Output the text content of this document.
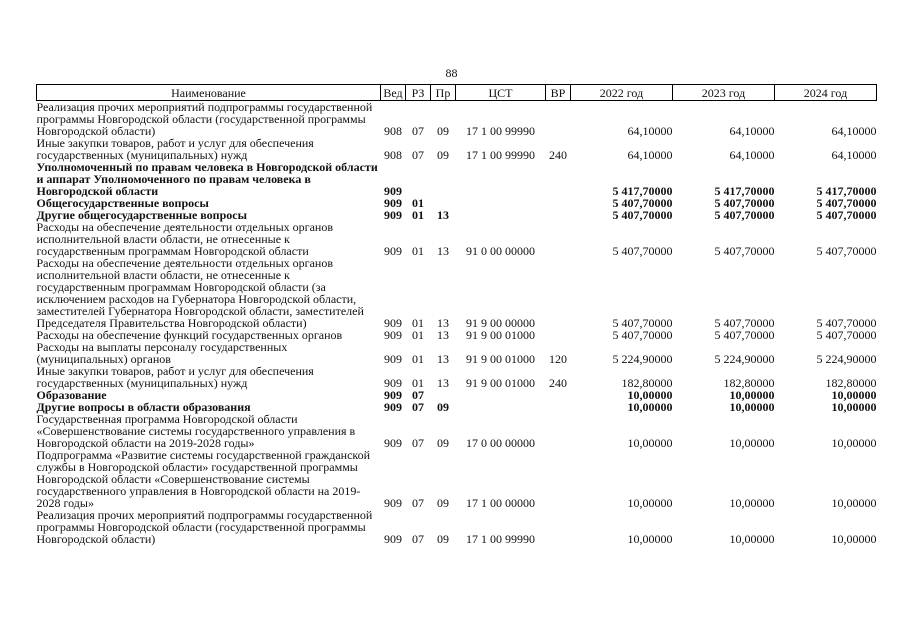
88
Наименование	Вед	РЗ	Пр	ЦСТ	ВР	2022 год	2023 год	2024 год
Реализация прочих мероприятий подпрограммы государственной программы Новгородской области (государственной программы Новгородской области)	908	07	09	17 1 00 99990		64,10000	64,10000	64,10000
Иные закупки товаров, работ и услуг для обеспечения государственных (муниципальных) нужд	908	07	09	17 1 00 99990	240	64,10000	64,10000	64,10000
Уполномоченный по правам человека в Новгородской области и аппарат Уполномоченного по правам человека в Новгородской области	909					5 417,70000	5 417,70000	5 417,70000
Общегосударственные вопросы	909	01				5 407,70000	5 407,70000	5 407,70000
Другие общегосударственные вопросы	909	01	13			5 407,70000	5 407,70000	5 407,70000
Расходы на обеспечение деятельности отдельных органов исполнительной власти области, не отнесенные к государственным программам Новгородской области	909	01	13	91 0 00 00000		5 407,70000	5 407,70000	5 407,70000
Расходы на обеспечение деятельности отдельных органов исполнительной власти области, не отнесенные к государственным программам Новгородской области (за исключением расходов на Губернатора Новгородской области, заместителей Губернатора Новгородской области, заместителей Председателя Правительства Новгородской области)	909	01	13	91 9 00 00000		5 407,70000	5 407,70000	5 407,70000
Расходы на обеспечение функций государственных органов	909	01	13	91 9 00 01000		5 407,70000	5 407,70000	5 407,70000
Расходы на выплаты персоналу государственных (муниципальных) органов	909	01	13	91 9 00 01000	120	5 224,90000	5 224,90000	5 224,90000
Иные закупки товаров, работ и услуг для обеспечения государственных (муниципальных) нужд	909	01	13	91 9 00 01000	240	182,80000	182,80000	182,80000
Образование	909	07				10,00000	10,00000	10,00000
Другие вопросы в области образования	909	07	09			10,00000	10,00000	10,00000
Государственная программа Новгородской области «Совершенствование системы государственного управления в Новгородской области на 2019-2028 годы»	909	07	09	17 0 00 00000		10,00000	10,00000	10,00000
Подпрограмма «Развитие системы государственной гражданской службы в Новгородской области» государственной программы Новгородской области «Совершенствование системы государственного управления в Новгородской области на 2019-2028 годы»	909	07	09	17 1 00 00000		10,00000	10,00000	10,00000
Реализация прочих мероприятий подпрограммы государственной программы Новгородской области (государственной программы Новгородской области)	909	07	09	17 1 00 99990		10,00000	10,00000	10,00000
